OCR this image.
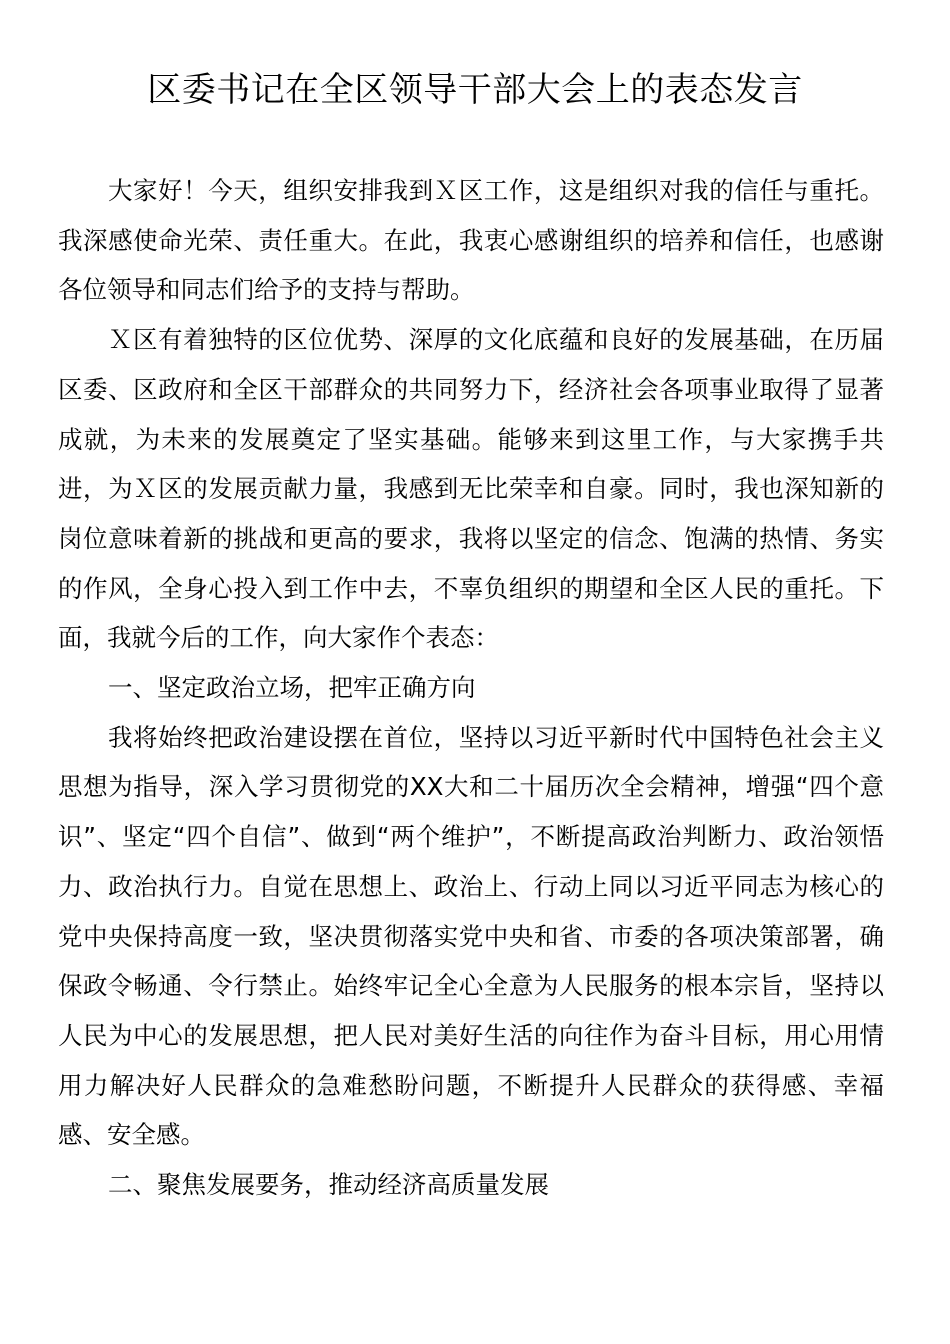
区委书记在全区领导干部大会上的表态发言

大家好！今天，组织安排我到Ｘ区工作，这是组织对我的信任与重托。我深感使命光荣、责任重大。在此，我衷心感谢组织的培养和信任，也感谢各位领导和同志们给予的支持与帮助。

Ｘ区有着独特的区位优势、深厚的文化底蕴和良好的发展基础，在历届区委、区政府和全区干部群众的共同努力下，经济社会各项事业取得了显著成就，为未来的发展奠定了坚实基础。能够来到这里工作，与大家携手共进，为Ｘ区的发展贡献力量，我感到无比荣幸和自豪。同时，我也深知新的岗位意味着新的挑战和更高的要求，我将以坚定的信念、饱满的热情、务实的作风，全身心投入到工作中去，不辜负组织的期望和全区人民的重托。下面，我就今后的工作，向大家作个表态：

一、坚定政治立场，把牢正确方向

我将始终把政治建设摆在首位，坚持以习近平新时代中国特色社会主义思想为指导，深入学习贯彻党的XX大和二十届历次全会精神，增强“四个意识”、坚定“四个自信”、做到“两个维护”，不断提高政治判断力、政治领悟力、政治执行力。自觉在思想上、政治上、行动上同以习近平同志为核心的党中央保持高度一致，坚决贯彻落实党中央和省、市委的各项决策部署，确保政令畅通、令行禁止。始终牢记全心全意为人民服务的根本宗旨，坚持以人民为中心的发展思想，把人民对美好生活的向往作为奋斗目标，用心用情用力解决好人民群众的急难愁盼问题，不断提升人民群众的获得感、幸福感、安全感。

二、聚焦发展要务，推动经济高质量发展
